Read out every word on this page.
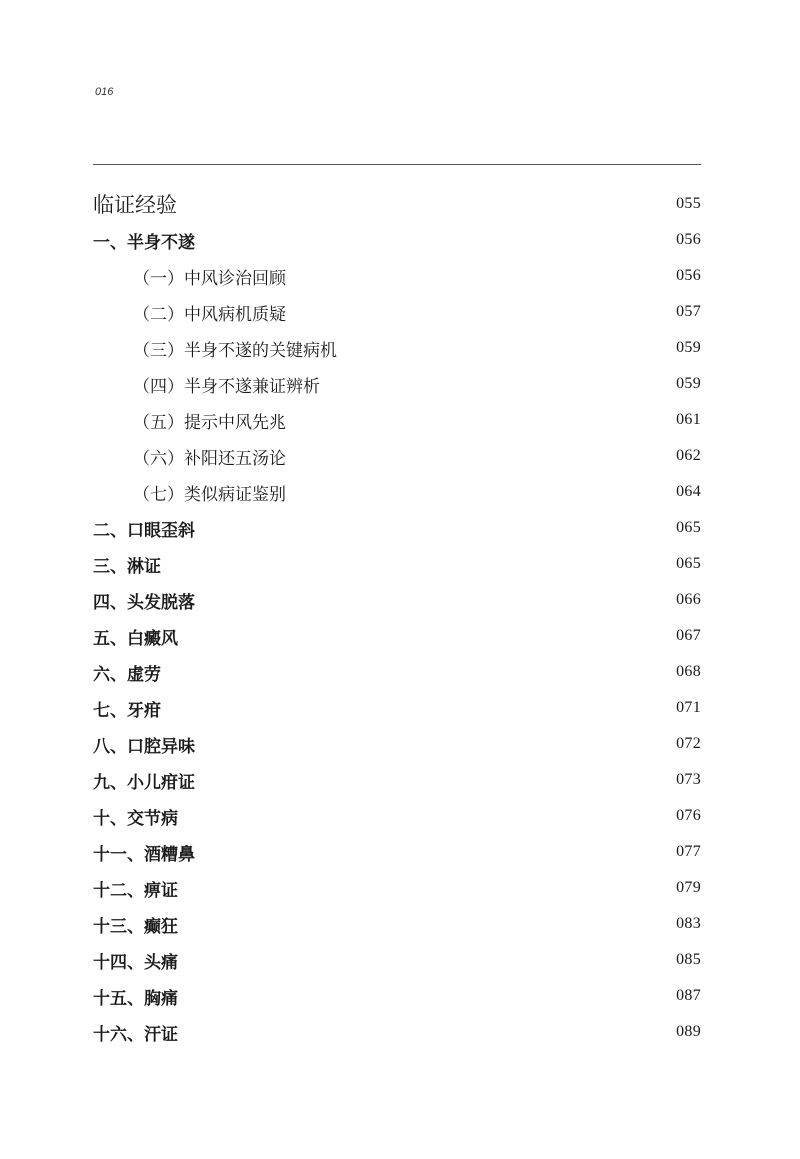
016
临证经验	055
一、半身不遂	056
（一）中风诊治回顾	056
（二）中风病机质疑	057
（三）半身不遂的关键病机	059
（四）半身不遂兼证辨析	059
（五）提示中风先兆	061
（六）补阳还五汤论	062
（七）类似病证鉴别	064
二、口眼歪斜	065
三、淋证	065
四、头发脱落	066
五、白癜风	067
六、虚劳	068
七、牙疳	071
八、口腔异味	072
九、小儿疳证	073
十、交节病	076
十一、酒糟鼻	077
十二、痹证	079
十三、癫狂	083
十四、头痛	085
十五、胸痛	087
十六、汗证	089
